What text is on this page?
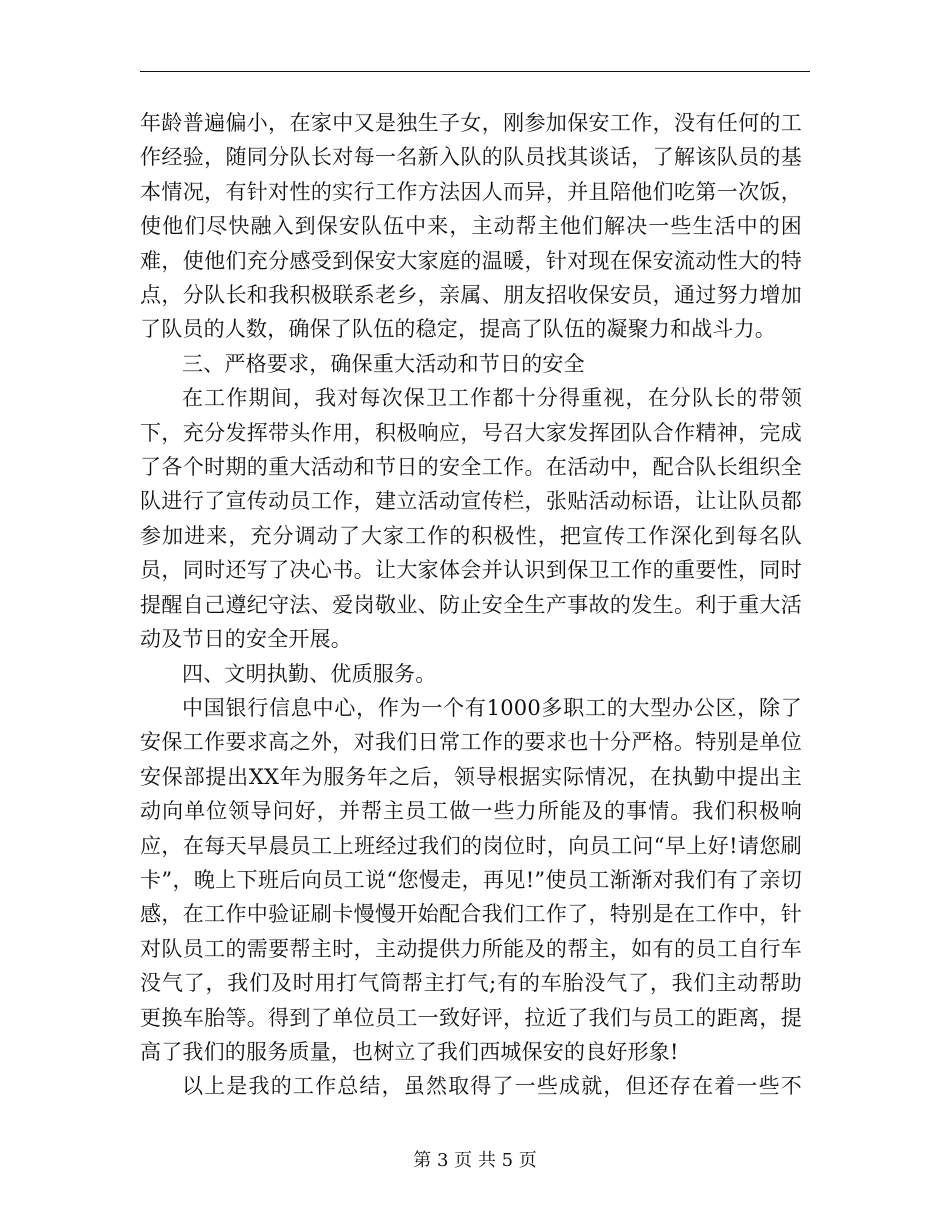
年龄普遍偏小，在家中又是独生子女，刚参加保安工作，没有任何的工作经验，随同分队长对每一名新入队的队员找其谈话，了解该队员的基本情况，有针对性的实行工作方法因人而异，并且陪他们吃第一次饭，使他们尽快融入到保安队伍中来，主动帮主他们解决一些生活中的困难，使他们充分感受到保安大家庭的温暖，针对现在保安流动性大的特点，分队长和我积极联系老乡，亲属、朋友招收保安员，通过努力增加了队员的人数，确保了队伍的稳定，提高了队伍的凝聚力和战斗力。

三、严格要求，确保重大活动和节日的安全

在工作期间，我对每次保卫工作都十分得重视，在分队长的带领下，充分发挥带头作用，积极响应，号召大家发挥团队合作精神，完成了各个时期的重大活动和节日的安全工作。在活动中，配合队长组织全队进行了宣传动员工作，建立活动宣传栏，张贴活动标语，让让队员都参加进来，充分调动了大家工作的积极性，把宣传工作深化到每名队员，同时还写了决心书。让大家体会并认识到保卫工作的重要性，同时提醒自己遵纪守法、爱岗敬业、防止安全生产事故的发生。利于重大活动及节日的安全开展。

四、文明执勤、优质服务。

中国银行信息中心，作为一个有1000多职工的大型办公区，除了安保工作要求高之外，对我们日常工作的要求也十分严格。特别是单位安保部提出XX年为服务年之后，领导根据实际情况，在执勤中提出主动向单位领导问好，并帮主员工做一些力所能及的事情。我们积极响应，在每天早晨员工上班经过我们的岗位时，向员工问“早上好!请您刷卡”，晚上下班后向员工说“您慢走，再见!”使员工渐渐对我们有了亲切感，在工作中验证刷卡慢慢开始配合我们工作了，特别是在工作中，针对队员工的需要帮主时，主动提供力所能及的帮主，如有的员工自行车没气了，我们及时用打气筒帮主打气;有的车胎没气了，我们主动帮助更换车胎等。得到了单位员工一致好评，拉近了我们与员工的距离，提高了我们的服务质量，也树立了我们西城保安的良好形象!

以上是我的工作总结，虽然取得了一些成就，但还存在着一些不

第 3 页 共 5 页
